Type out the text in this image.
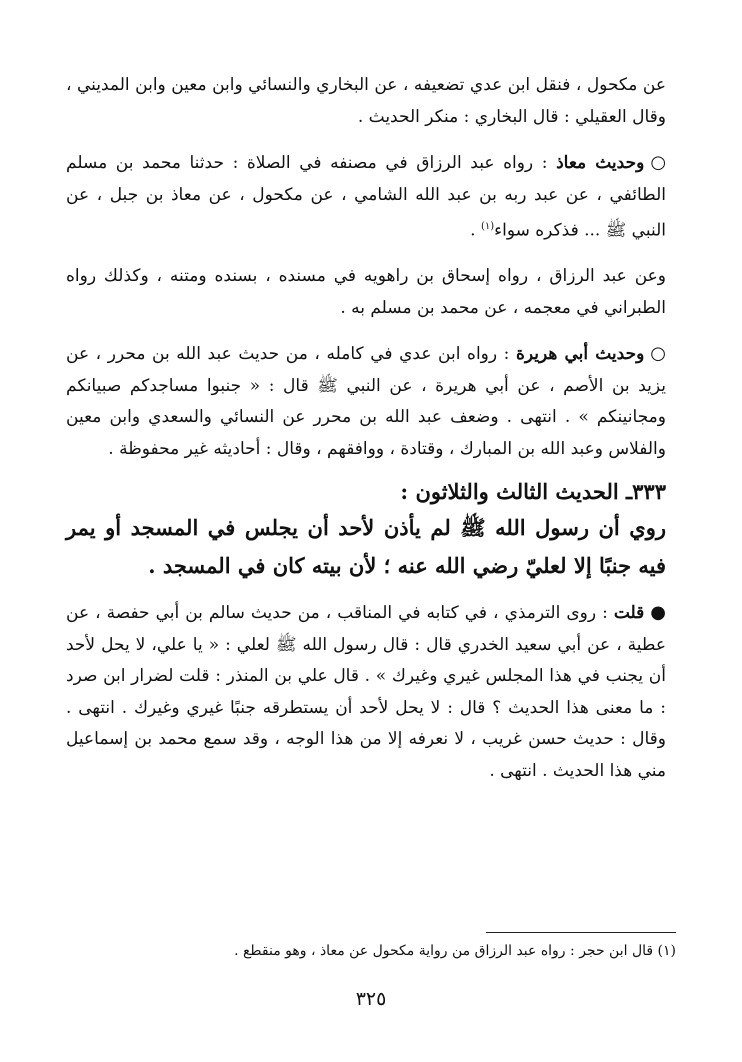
عن مكحول ، فنقل ابن عدي تضعيفه ، عن البخاري والنسائي وابن معين وابن المديني ، وقال العقيلي : قال البخاري : منكر الحديث .

○وحديث معاذ : رواه عبد الرزاق في مصنفه في الصلاة : حدثنا محمد بن مسلم الطائفي ، عن عبد ربه بن عبد الله الشامي ، عن مكحول ، عن معاذ بن جبل ، عن النبي ﷺ ... فذكره سواء$^{(١)}$ .

وعن عبد الرزاق ، رواه إسحاق بن راهويه في مسنده ، بسنده ومتنه ، وكذلك رواه الطبراني في معجمه ، عن محمد بن مسلم به .

○وحديث أبي هريرة : رواه ابن عدي في كامله ، من حديث عبد الله بن محرر ، عن يزيد بن الأصم ، عن أبي هريرة ، عن النبي ﷺ قال : « جنبوا مساجدكم صبيانكم ومجانينكم » . انتهى . وضعف عبد الله بن محرر عن النسائي والسعدي وابن معين والفلاس وعبد الله بن المبارك ، وقتادة ، ووافقهم ، وقال : أحاديثه غير محفوظة .

٣٣٣ـ الحديث الثالث والثلاثون :
روي أن رسول الله ﷺ لم يأذن لأحد أن يجلس في المسجد أو يمر فيه جنبًا إلا لعليّ رضي الله عنه ؛ لأن بيته كان في المسجد .

●قلت : روى الترمذي ، في كتابه في المناقب ، من حديث سالم بن أبي حفصة ، عن عطية ، عن أبي سعيد الخدري قال : قال رسول الله ﷺ لعلي : « يا علي، لا يحل لأحد أن يجنب في هذا المجلس غيري وغيرك » . قال علي بن المنذر : قلت لضرار ابن صرد : ما معنى هذا الحديث ؟ قال : لا يحل لأحد أن يستطرقه جنبًا غيري وغيرك . انتهى . وقال : حديث حسن غريب ، لا نعرفه إلا من هذا الوجه ، وقد سمع محمد بن إسماعيل مني هذا الحديث . انتهى .

(١) قال ابن حجر : رواه عبد الرزاق من رواية مكحول عن معاذ ، وهو منقطع .
٣٢٥
